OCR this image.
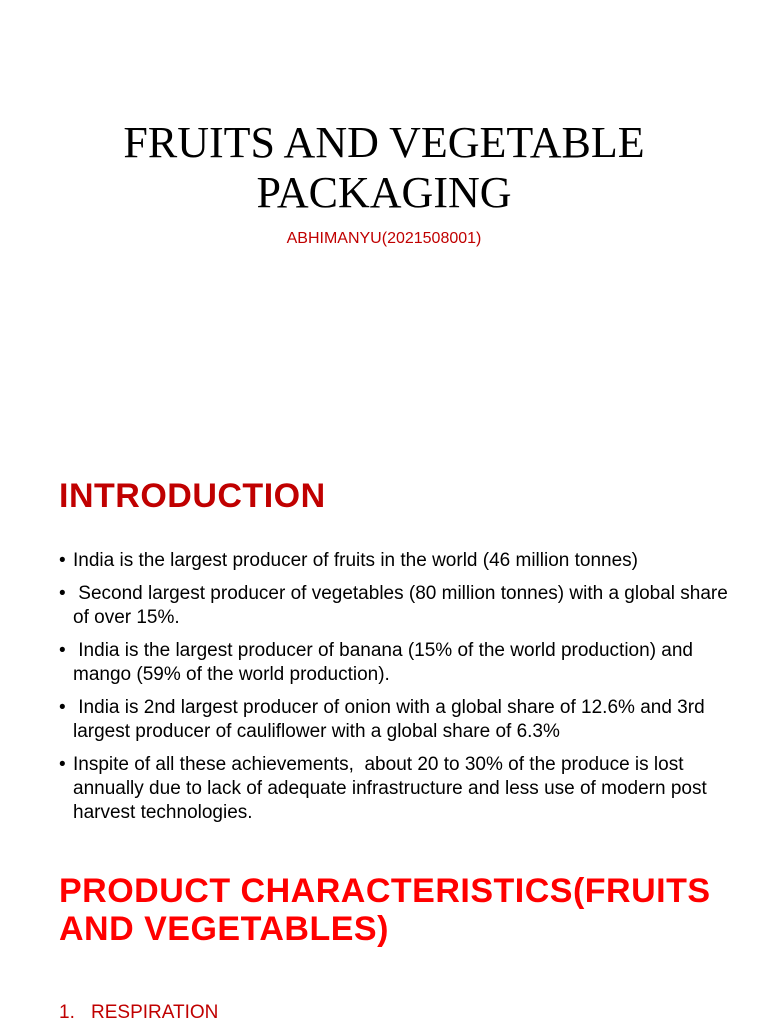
FRUITS AND VEGETABLE
PACKAGING
ABHIMANYU(2021508001)
INTRODUCTION
• India is the largest producer of fruits in the world (46 million tonnes)
• Second largest producer of vegetables (80 million tonnes) with a global share of over 15%.
• India is the largest producer of banana (15% of the world production) and mango (59% of the world production).
• India is 2nd largest producer of onion with a global share of 12.6% and 3rd largest producer of cauliflower with a global share of 6.3%
• Inspite of all these achievements,  about 20 to 30% of the produce is lost annually due to lack of adequate infrastructure and less use of modern post harvest technologies.
PRODUCT CHARACTERISTICS(FRUITS AND VEGETABLES)
1. RESPIRATION
